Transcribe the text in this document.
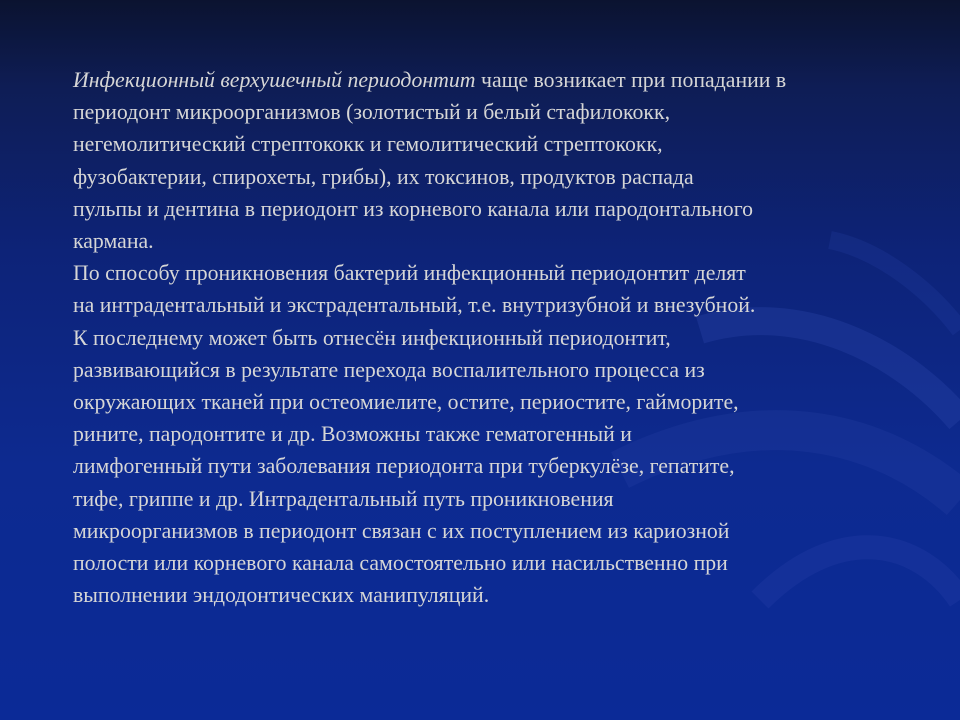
Инфекционный верхушечный периодонтит чаще возникает при попадании в
периодонт микроорганизмов (золотистый и белый стафилококк,
негемолитический стрептококк и гемолитический стрептококк,
фузобактерии, спирохеты, грибы), их токсинов, продуктов распада
пульпы и дентина в периодонт из корневого канала или пародонтального
кармана.
По способу проникновения бактерий инфекционный периодонтит делят
на интрадентальный и экстрадентальный, т.е. внутризубной и внезубной.
К последнему может быть отнесён инфекционный периодонтит,
развивающийся в результате перехода воспалительного процесса из
окружающих тканей при остеомиелите, остите, периостите, гайморите,
рините, пародонтите и др. Возможны также гематогенный и
лимфогенный пути заболевания периодонта при туберкулёзе, гепатите,
тифе, гриппе и др. Интрадентальный путь проникновения
микроорганизмов в периодонт связан с их поступлением из кариозной
полости или корневого канала самостоятельно или насильственно при
выполнении эндодонтических манипуляций.
